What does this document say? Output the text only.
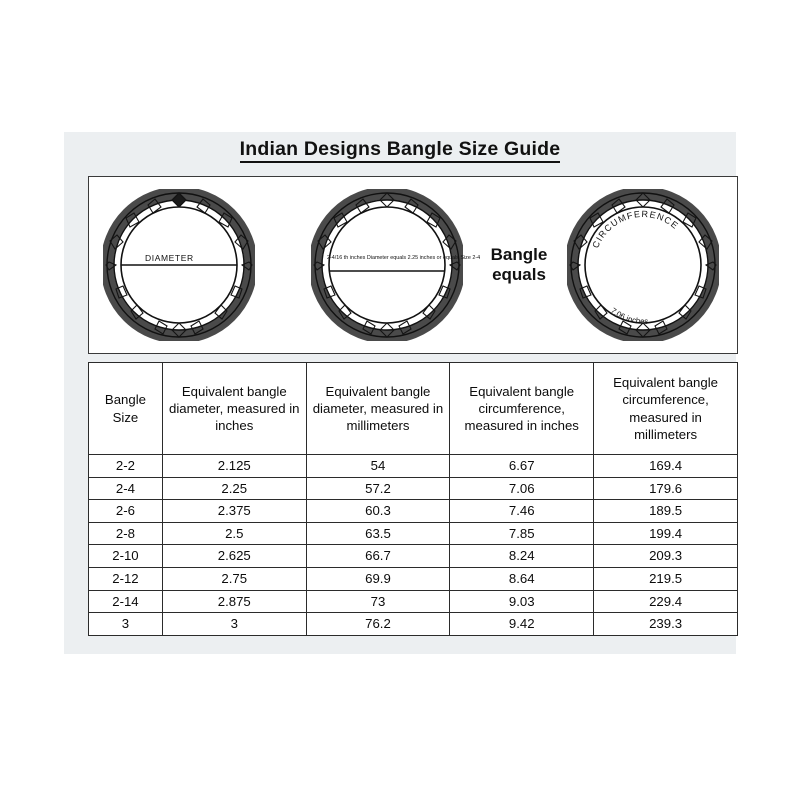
Indian Designs Bangle Size Guide
DIAMETER	2-4/16 th inches Diameter equals 2.25 inches or equals Size 2-4 Bangle equals
CIRCUMFERENCE
7.06 inches
Bangle Size	Equivalent bangle diameter, measured in inches	Equivalent bangle diameter, measured in millimeters	Equivalent bangle circumference, measured in inches	Equivalent bangle circumference, measured in millimeters
2-2	2.125	54	6.67	169.4
2-4	2.25	57.2	7.06	179.6
2-6	2.375	60.3	7.46	189.5
2-8	2.5	63.5	7.85	199.4
2-10	2.625	66.7	8.24	209.3
2-12	2.75	69.9	8.64	219.5
2-14	2.875	73	9.03	229.4
3	3	76.2	9.42	239.3
